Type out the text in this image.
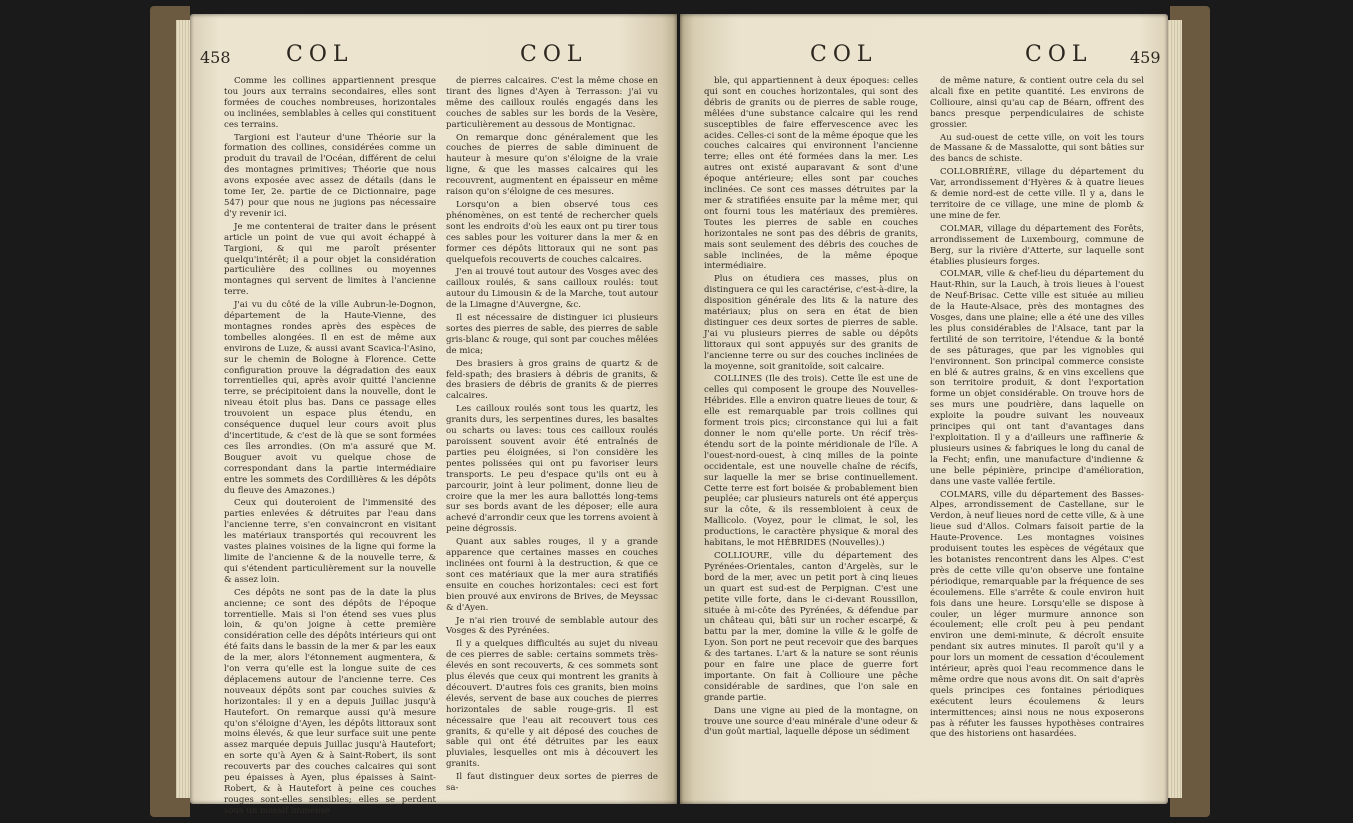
458	COL	COL

Comme les collines appartiennent presque tou jours aux terrains secondaires, elles sont formées de couches nombreuses, horizontales ou inclinées, semblables à celles qui constituent ces terrains.

Targioni est l'auteur d'une Théorie sur la formation des collines, considérées comme un produit du travail de l'Océan, différent de celui des montagnes primitives; Théorie que nous avons exposée avec assez de détails (dans le tome Ier, 2e. partie de ce Dictionnaire, page 547) pour que nous ne jugions pas nécessaire d'y revenir ici.

Je me contenterai de traiter dans le présent article un point de vue qui avoit échappé à Targioni, & qui me paroît présenter quelqu'intérêt; il a pour objet la considération particulière des collines ou moyennes montagnes qui servent de limites à l'ancienne terre.

J'ai vu du côté de la ville Aubrun-le-Dognon, département de la Haute-Vienne, des montagnes rondes après des espèces de tombelles alongées. Il en est de même aux environs de Luze, & aussi avant Scavica-l'Asino, sur le chemin de Bologne à Florence. Cette configuration prouve la dégradation des eaux torrentielles qui, après avoir quitté l'ancienne terre, se précipitoient dans la nouvelle, dont le niveau étoit plus bas. Dans ce passage elles trouvoient un espace plus étendu, en conséquence duquel leur cours avoit plus d'incertitude, & c'est de là que se sont formées ces îles arrondies. (On m'a assuré que M. Bouguer avoit vu quelque chose de correspondant dans la partie intermédiaire entre les sommets des Cordillières & les dépôts du fleuve des Amazones.)

Ceux qui douteroient de l'immensité des parties enlevées & détruites par l'eau dans l'ancienne terre, s'en convaincront en visitant les matériaux transportés qui recouvrent les vastes plaines voisines de la ligne qui forme la limite de l'ancienne & de la nouvelle terre, & qui s'étendent particulièrement sur la nouvelle & assez loin.

Ces dépôts ne sont pas de la date la plus ancienne; ce sont des dépôts de l'époque torrentielle. Mais si l'on étend ses vues plus loin, & qu'on joigne à cette première considération celle des dépôts intérieurs qui ont été faits dans le bassin de la mer & par les eaux de la mer, alors l'étonnement augmentera, & l'on verra qu'elle est la longue suite de ces déplacemens autour de l'ancienne terre. Ces nouveaux dépôts sont par couches suivies & horizontales: il y en a depuis Juillac jusqu'à Hautefort. On remarque aussi qu'à mesure qu'on s'éloigne d'Ayen, les dépôts littoraux sont moins élevés, & que leur surface suit une pente assez marquée depuis Juillac jusqu'à Hautefort; en sorte qu'à Ayen & à Saint-Robert, ils sont recouverts par des couches calcaires qui sont peu épaisses à Ayen, plus épaisses à Saint-Robert, & à Hautefort à peine ces couches rouges sont-elles sensibles; elles se perdent sous un massif immense

de pierres calcaires. C'est la même chose en tirant des lignes d'Ayen à Terrasson: j'ai vu même des cailloux roulés engagés dans les couches de sables sur les bords de la Vesère, particulièrement au dessous de Montignac.

On remarque donc généralement que les couches de pierres de sable diminuent de hauteur à mesure qu'on s'éloigne de la vraie ligne, & que les masses calcaires qui les recouvrent, augmentent en épaisseur en même raison qu'on s'éloigne de ces mesures.

Lorsqu'on a bien observé tous ces phénomènes, on est tenté de rechercher quels sont les endroits d'où les eaux ont pu tirer tous ces sables pour les voiturer dans la mer & en former ces dépôts littoraux qui ne sont pas quelquefois recouverts de couches calcaires.

J'en ai trouvé tout autour des Vosges avec des cailloux roulés, & sans cailloux roulés: tout autour du Limousin & de la Marche, tout autour de la Limagne d'Auvergne, &c.

Il est nécessaire de distinguer ici plusieurs sortes des pierres de sable, des pierres de sable gris-blanc & rouge, qui sont par couches mêlées de mica;

Des brasiers à gros grains de quartz & de feld-spath; des brasiers à débris de granits, & des brasiers de débris de granits & de pierres calcaires.

Les cailloux roulés sont tous les quartz, les granits durs, les serpentines dures, les basaltes ou scharts ou laves: tous ces cailloux roulés paroissent souvent avoir été entraînés de parties peu éloignées, si l'on considère les pentes polissées qui ont pu favoriser leurs transports. Le peu d'espace qu'ils ont eu à parcourir, joint à leur poliment, donne lieu de croire que la mer les aura ballottés long-tems sur ses bords avant de les déposer; elle aura achevé d'arrondir ceux que les torrens avoient à peine dégrossis.

Quant aux sables rouges, il y a grande apparence que certaines masses en couches inclinées ont fourni à la destruction, & que ce sont ces matériaux que la mer aura stratifiés ensuite en couches horizontales: ceci est fort bien prouvé aux environs de Brives, de Meyssac & d'Ayen.

Je n'ai rien trouvé de semblable autour des Vosges & des Pyrénées.

Il y a quelques difficultés au sujet du niveau de ces pierres de sable: certains sommets très-élevés en sont recouverts, & ces sommets sont plus élevés que ceux qui montrent les granits à découvert. D'autres fois ces granits, bien moins élevés, servent de base aux couches de pierres horizontales de sable rouge-gris. Il est nécessaire que l'eau ait recouvert tous ces granits, & qu'elle y ait déposé des couches de sable qui ont été détruites par les eaux pluviales, lesquelles ont mis à découvert les granits.

Il faut distinguer deux sortes de pierres de sa-

459
COL	COL

ble, qui appartiennent à deux époques: celles qui sont en couches horizontales, qui sont des débris de granits ou de pierres de sable rouge, mêlées d'une substance calcaire qui les rend susceptibles de faire effervescence avec les acides. Celles-ci sont de la même époque que les couches calcaires qui environnent l'ancienne terre; elles ont été formées dans la mer. Les autres ont existé auparavant & sont d'une époque antérieure; elles sont par couches inclinées. Ce sont ces masses détruites par la mer & stratifiées ensuite par la même mer, qui ont fourni tous les matériaux des premières. Toutes les pierres de sable en couches horizontales ne sont pas des débris de granits, mais sont seulement des débris des couches de sable inclinées, de la même époque intermédiaire.

Plus on étudiera ces masses, plus on distinguera ce qui les caractérise, c'est-à-dire, la disposition générale des lits & la nature des matériaux; plus on sera en état de bien distinguer ces deux sortes de pierres de sable. J'ai vu plusieurs pierres de sable ou dépôts littoraux qui sont appuyés sur des granits de l'ancienne terre ou sur des couches inclinées de la moyenne, soit granitoïde, soit calcaire.

COLLINES (Ile des trois). Cette île est une de celles qui composent le groupe des Nouvelles-Hébrides. Elle a environ quatre lieues de tour, & elle est remarquable par trois collines qui forment trois pics; circonstance qui lui a fait donner le nom qu'elle porte. Un récif très-étendu sort de la pointe méridionale de l'île. A l'ouest-nord-ouest, à cinq milles de la pointe occidentale, est une nouvelle chaîne de récifs, sur laquelle la mer se brise continuellement. Cette terre est fort boisée & probablement bien peuplée; car plusieurs naturels ont été apperçus sur la côte, & ils ressembloient à ceux de Mallicolo. (Voyez, pour le climat, le sol, les productions, le caractère physique & moral des habitans, le mot HÉBRIDES (Nouvelles).)

COLLIOURE, ville du département des Pyrénées-Orientales, canton d'Argelès, sur le bord de la mer, avec un petit port à cinq lieues un quart est sud-est de Perpignan. C'est une petite ville forte, dans le ci-devant Roussillon, située à mi-côte des Pyrénées, & défendue par un château qui, bâti sur un rocher escarpé, & battu par la mer, domine la ville & le golfe de Lyon. Son port ne peut recevoir que des barques & des tartanes. L'art & la nature se sont réunis pour en faire une place de guerre fort importante. On fait à Collioure une pêche considérable de sardines, que l'on sale en grande partie.

Dans une vigne au pied de la montagne, on trouve une source d'eau minérale d'une odeur & d'un goût martial, laquelle dépose un sédiment

de même nature, & contient outre cela du sel alcali fixe en petite quantité. Les environs de Collioure, ainsi qu'au cap de Béarn, offrent des bancs presque perpendiculaires de schiste grossier.

Au sud-ouest de cette ville, on voit les tours de Massane & de Massalotte, qui sont bâties sur des bancs de schiste.

COLLOBRIÈRE, village du département du Var, arrondissement d'Hyères & à quatre lieues & demie nord-est de cette ville. Il y a, dans le territoire de ce village, une mine de plomb & une mine de fer.

COLMAR, village du département des Forêts, arrondissement de Luxembourg, commune de Berg, sur la rivière d'Atterte, sur laquelle sont établies plusieurs forges.

COLMAR, ville & chef-lieu du département du Haut-Rhin, sur la Lauch, à trois lieues à l'ouest de Neuf-Brisac. Cette ville est située au milieu de la Haute-Alsace, près des montagnes des Vosges, dans une plaine; elle a été une des villes les plus considérables de l'Alsace, tant par la fertilité de son territoire, l'étendue & la bonté de ses pâturages, que par les vignobles qui l'environnent. Son principal commerce consiste en blé & autres grains, & en vins excellens que son territoire produit, & dont l'exportation forme un objet considérable. On trouve hors de ses murs une poudrière, dans laquelle on exploite la poudre suivant les nouveaux principes qui ont tant d'avantages dans l'exploitation. Il y a d'ailleurs une raffinerie & plusieurs usines & fabriques le long du canal de la Fecht; enfin, une manufacture d'indienne & une belle pépinière, principe d'amélioration, dans une vaste vallée fertile.

COLMARS, ville du département des Basses-Alpes, arrondissement de Castellane, sur le Verdon, à neuf lieues nord de cette ville, & à une lieue sud d'Allos. Colmars faisoit partie de la Haute-Provence. Les montagnes voisines produisent toutes les espèces de végétaux que les botanistes rencontrent dans les Alpes. C'est près de cette ville qu'on observe une fontaine périodique, remarquable par la fréquence de ses écoulemens. Elle s'arrête & coule environ huit fois dans une heure. Lorsqu'elle se dispose à couler, un léger murmure annonce son écoulement; elle croît peu à peu pendant environ une demi-minute, & décroît ensuite pendant six autres minutes. Il paroît qu'il y a pour lors un moment de cessation d'écoulement intérieur, après quoi l'eau recommence dans le même ordre que nous avons dit. On sait d'après quels principes ces fontaines périodiques exécutent leurs écoulemens & leurs intermittences; ainsi nous ne nous exposerons pas à réfuter les fausses hypothèses contraires que des historiens ont hasardées.
